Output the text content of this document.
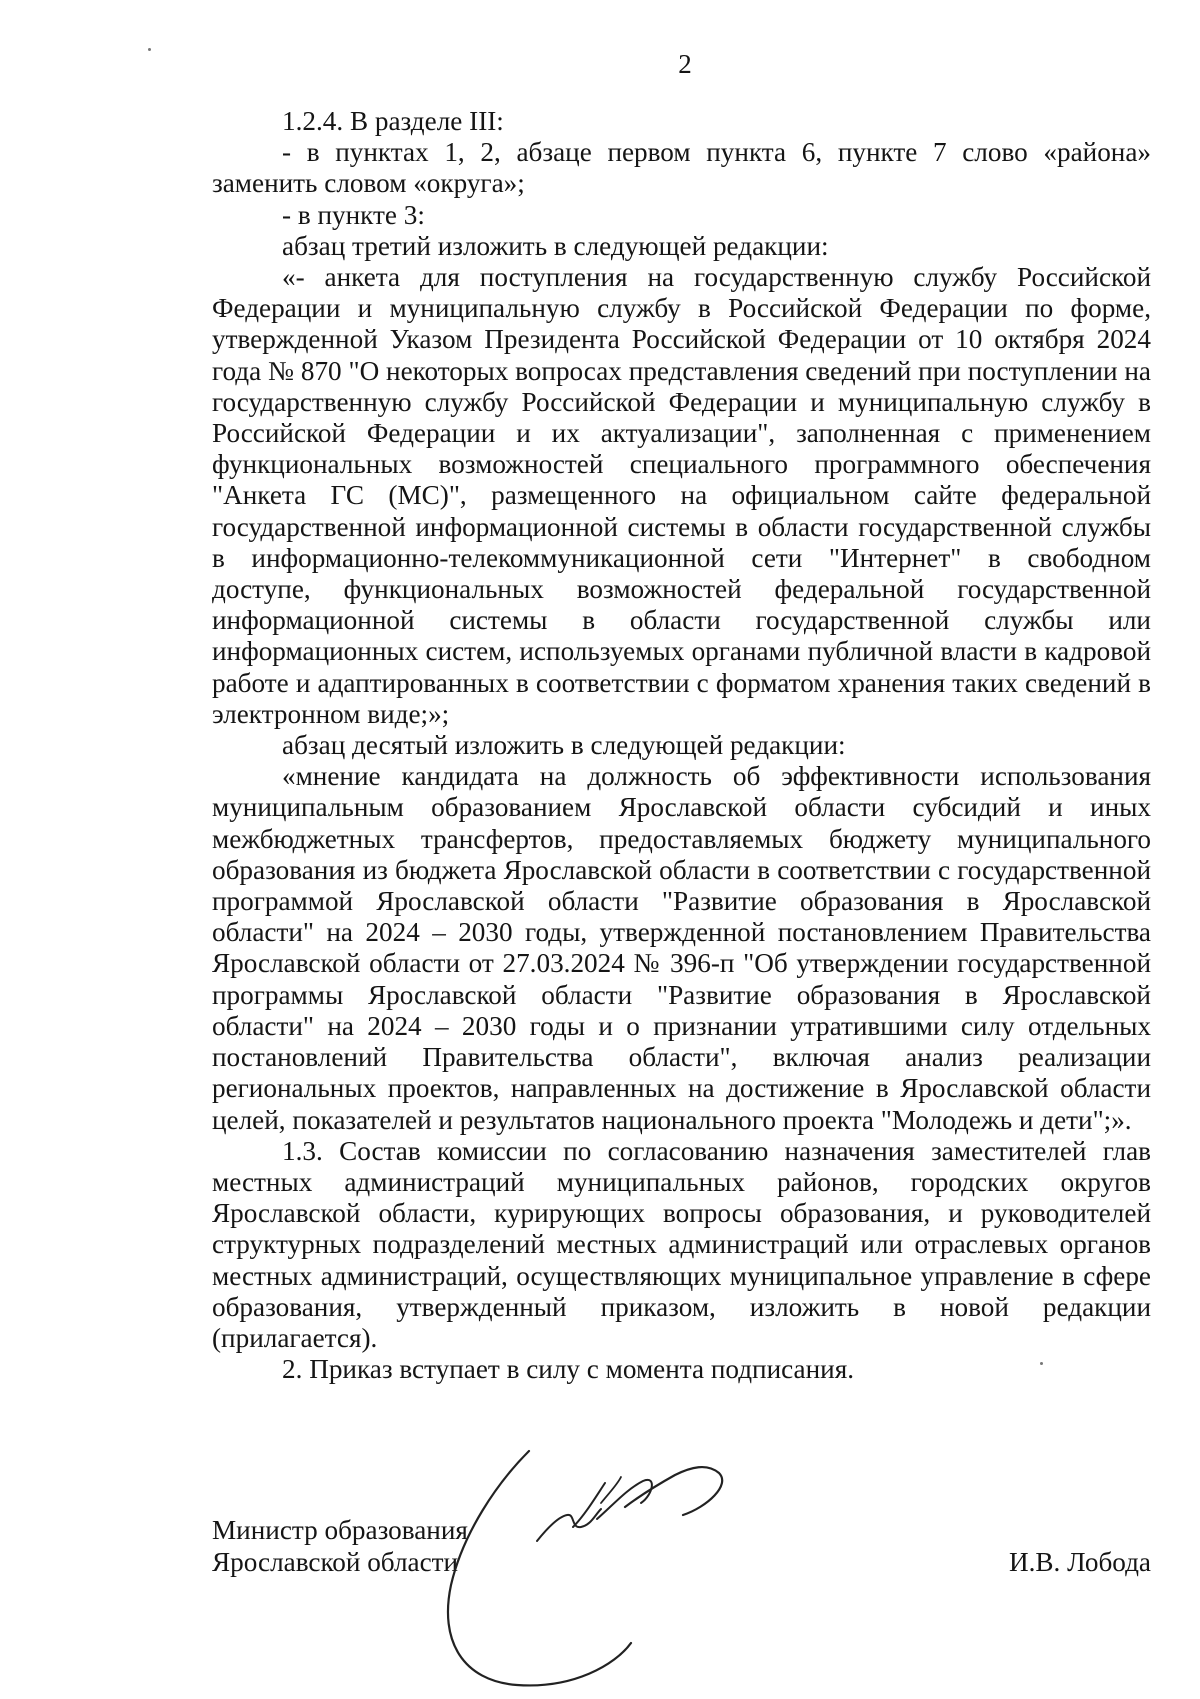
2

1.2.4. В разделе III:

- в пунктах 1, 2, абзаце первом пункта 6, пункте 7 слово «района» заменить словом «округа»;

- в пункте 3:

абзац третий изложить в следующей редакции:

«- анкета для поступления на государственную службу Российской Федерации и муниципальную службу в Российской Федерации по форме, утвержденной Указом Президента Российской Федерации от 10 октября 2024 года № 870 "О некоторых вопросах представления сведений при поступлении на государственную службу Российской Федерации и муниципальную службу в Российской Федерации и их актуализации", заполненная с применением функциональных возможностей специального программного обеспечения "Анкета ГС (МС)", размещенного на официальном сайте федеральной государственной информационной системы в области государственной службы в информационно-телекоммуникационной сети "Интернет" в свободном доступе, функциональных возможностей федеральной государственной информационной системы в области государственной службы или информационных систем, используемых органами публичной власти в кадровой работе и адаптированных в соответствии с форматом хранения таких сведений в электронном виде;»;

абзац десятый изложить в следующей редакции:

«мнение кандидата на должность об эффективности использования муниципальным образованием Ярославской области субсидий и иных межбюджетных трансфертов, предоставляемых бюджету муниципального образования из бюджета Ярославской области в соответствии с государственной программой Ярославской области "Развитие образования в Ярославской области" на 2024 – 2030 годы, утвержденной постановлением Правительства Ярославской области от 27.03.2024 № 396-п "Об утверждении государственной программы Ярославской области "Развитие образования в Ярославской области" на 2024 – 2030 годы и о признании утратившими силу отдельных постановлений Правительства области", включая анализ реализации региональных проектов, направленных на достижение в Ярославской области целей, показателей и результатов национального проекта "Молодежь и дети";».

1.3. Состав комиссии по согласованию назначения заместителей глав местных администраций муниципальных районов, городских округов Ярославской области, курирующих вопросы образования, и руководителей структурных подразделений местных администраций или отраслевых органов местных администраций, осуществляющих муниципальное управление в сфере образования, утвержденный приказом, изложить в новой редакции (прилагается).

2. Приказ вступает в силу с момента подписания.

Министр образования
Ярославской области	И.В. Лобода
